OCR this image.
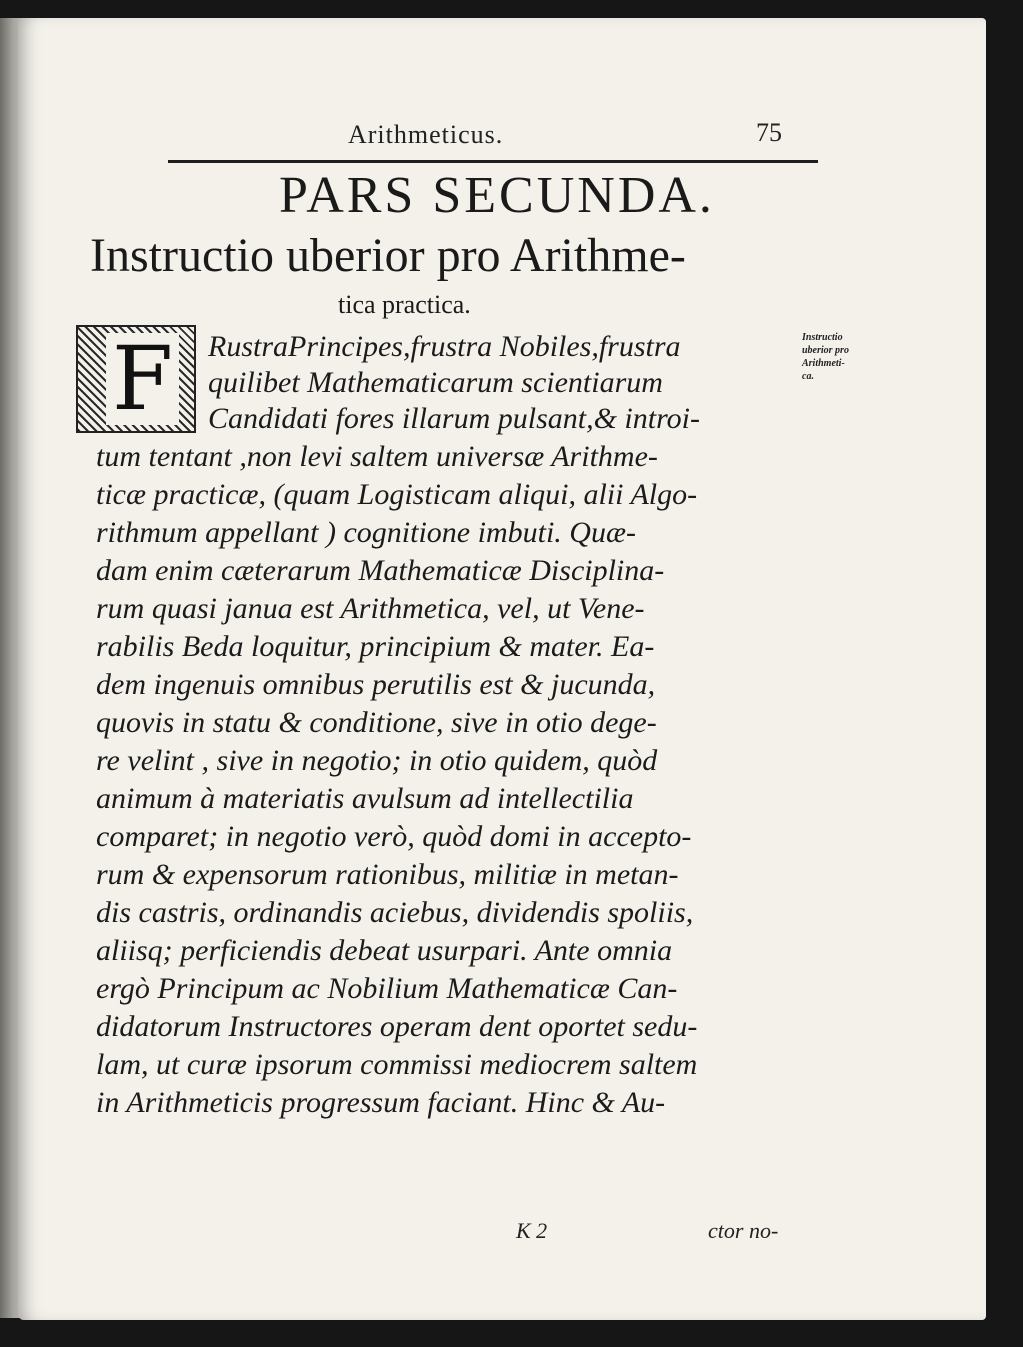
Arithmeticus.	75
PARS SECUNDA.
Instructio uberior pro Arithme-
tica practica.
F RustraPrincipes,frustra Nobiles,frustra
quilibet Mathematicarum scientiarum
Candidati fores illarum pulsant,& introi-
tum tentant ,non levi saltem universæ Arithme-
ticæ practicæ, (quam Logisticam aliqui, alii Algo-
rithmum appellant ) cognitione imbuti. Quæ-
dam enim cæterarum Mathematicæ Disciplina-
rum quasi janua est Arithmetica, vel, ut Vene-
rabilis Beda loquitur, principium & mater. Ea-
dem ingenuis omnibus perutilis est & jucunda,
quovis in statu & conditione, sive in otio dege-
re velint , sive in negotio; in otio quidem, quòd
animum à materiatis avulsum ad intellectilia
comparet; in negotio verò, quòd domi in accepto-
rum & expensorum rationibus, militiæ in metan-
dis castris, ordinandis aciebus, dividendis spoliis,
aliisq; perficiendis debeat usurpari. Ante omnia
ergò Principum ac Nobilium Mathematicæ Can-
didatorum Instructores operam dent oportet sedu-
lam, ut curæ ipsorum commissi mediocrem saltem
in Arithmeticis progressum faciant. Hinc & Au-
Instructio
uberior pro
Arithmeti-
ca.
K 2	ctor no-
